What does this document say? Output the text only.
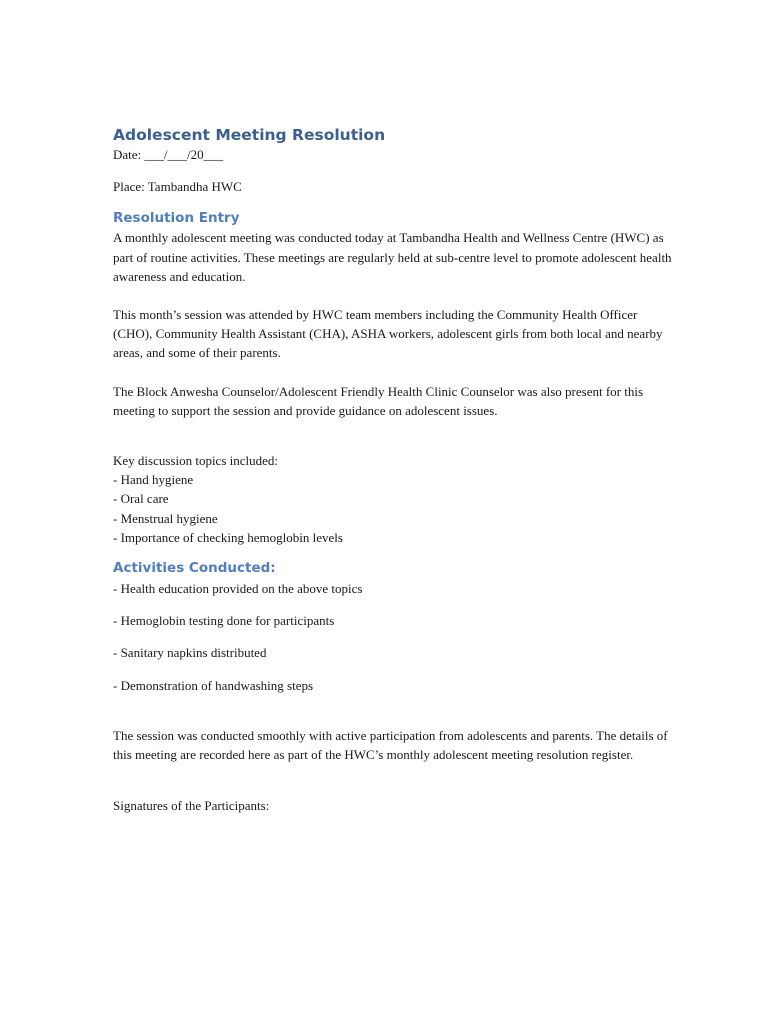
Adolescent Meeting Resolution

Date: ___/___/20___

Place: Tambandha HWC

Resolution Entry

A monthly adolescent meeting was conducted today at Tambandha Health and Wellness Centre (HWC) as part of routine activities. These meetings are regularly held at sub-centre level to promote adolescent health awareness and education.

This month’s session was attended by HWC team members including the Community Health Officer (CHO), Community Health Assistant (CHA), ASHA workers, adolescent girls from both local and nearby areas, and some of their parents.

The Block Anwesha Counselor/Adolescent Friendly Health Clinic Counselor was also present for this meeting to support the session and provide guidance on adolescent issues.

Key discussion topics included:

- Hand hygiene
- Oral care
- Menstrual hygiene
- Importance of checking hemoglobin levels
Activities Conducted:
- Health education provided on the above topics
- Hemoglobin testing done for participants
- Sanitary napkins distributed
- Demonstration of handwashing steps

The session was conducted smoothly with active participation from adolescents and parents. The details of this meeting are recorded here as part of the HWC’s monthly adolescent meeting resolution register.

Signatures of the Participants:
